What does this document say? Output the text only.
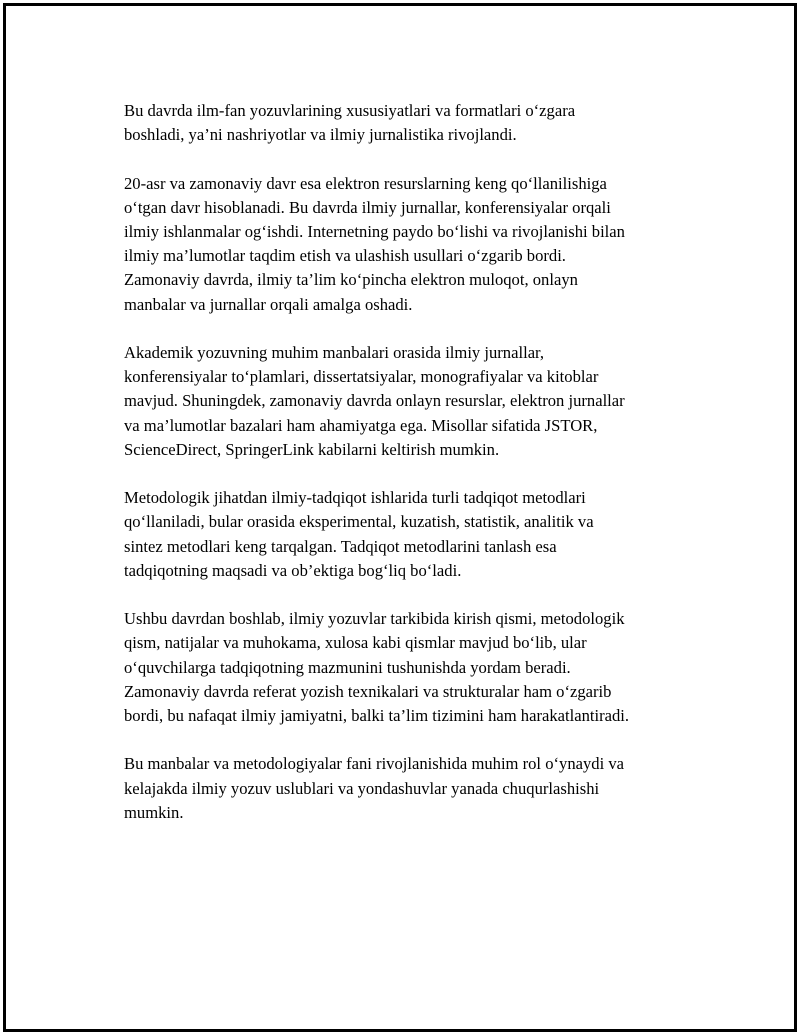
Bu davrda ilm-fan yozuvlarining xususiyatlari va formatlari o‘zgara
boshladi, ya’ni nashriyotlar va ilmiy jurnalistika rivojlandi.

20-asr va zamonaviy davr esa elektron resurslarning keng qo‘llanilishiga
o‘tgan davr hisoblanadi. Bu davrda ilmiy jurnallar, konferensiyalar orqali
ilmiy ishlanmalar og‘ishdi. Internetning paydo bo‘lishi va rivojlanishi bilan
ilmiy ma’lumotlar taqdim etish va ulashish usullari o‘zgarib bordi.
Zamonaviy davrda, ilmiy ta’lim ko‘pincha elektron muloqot, onlayn
manbalar va jurnallar orqali amalga oshadi.

Akademik yozuvning muhim manbalari orasida ilmiy jurnallar,
konferensiyalar to‘plamlari, dissertatsiyalar, monografiyalar va kitoblar
mavjud. Shuningdek, zamonaviy davrda onlayn resurslar, elektron jurnallar
va ma’lumotlar bazalari ham ahamiyatga ega. Misollar sifatida JSTOR,
ScienceDirect, SpringerLink kabilarni keltirish mumkin.

Metodologik jihatdan ilmiy-tadqiqot ishlarida turli tadqiqot metodlari
qo‘llaniladi, bular orasida eksperimental, kuzatish, statistik, analitik va
sintez metodlari keng tarqalgan. Tadqiqot metodlarini tanlash esa
tadqiqotning maqsadi va ob’ektiga bog‘liq bo‘ladi.

Ushbu davrdan boshlab, ilmiy yozuvlar tarkibida kirish qismi, metodologik
qism, natijalar va muhokama, xulosa kabi qismlar mavjud bo‘lib, ular
o‘quvchilarga tadqiqotning mazmunini tushunishda yordam beradi.
Zamonaviy davrda referat yozish texnikalari va strukturalar ham o‘zgarib
bordi, bu nafaqat ilmiy jamiyatni, balki ta’lim tizimini ham harakatlantiradi.

Bu manbalar va metodologiyalar fani rivojlanishida muhim rol o‘ynaydi va
kelajakda ilmiy yozuv uslublari va yondashuvlar yanada chuqurlashishi
mumkin.
